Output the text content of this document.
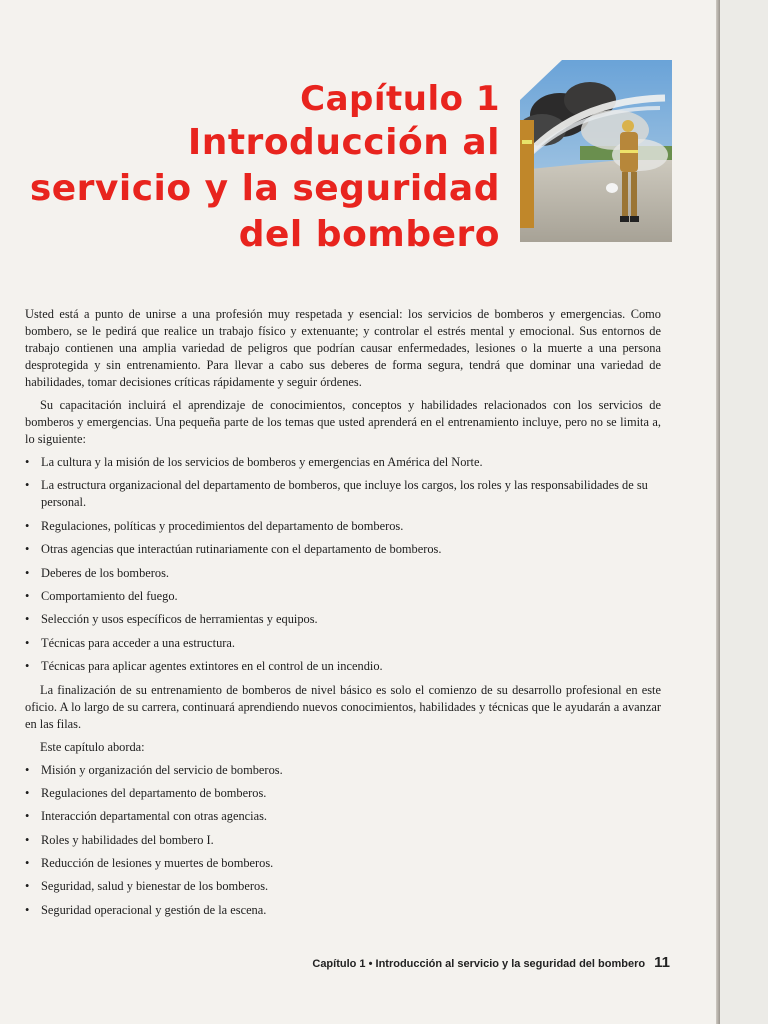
Capítulo 1
Introducción al
servicio y la seguridad
del bombero

Usted está a punto de unirse a una profesión muy respetada y esencial: los servicios de bomberos y emergencias. Como bombero, se le pedirá que realice un trabajo físico y extenuante; y controlar el estrés mental y emocional. Sus entornos de trabajo contienen una amplia variedad de peligros que podrían causar enfermedades, lesiones o la muerte a una persona desprotegida y sin entrenamiento. Para llevar a cabo sus deberes de forma segura, tendrá que dominar una variedad de habilidades, tomar decisiones críticas rápidamente y seguir órdenes.

Su capacitación incluirá el aprendizaje de conocimientos, conceptos y habilidades relacionados con los servicios de bomberos y emergencias. Una pequeña parte de los temas que usted aprenderá en el entrenamiento incluye, pero no se limita a, lo siguiente:

• La cultura y la misión de los servicios de bomberos y emergencias en América del Norte.
• La estructura organizacional del departamento de bomberos, que incluye los cargos, los roles y las responsabilidades de su personal.
• Regulaciones, políticas y procedimientos del departamento de bomberos.
• Otras agencias que interactúan rutinariamente con el departamento de bomberos.
• Deberes de los bomberos.
• Comportamiento del fuego.
• Selección y usos específicos de herramientas y equipos.
• Técnicas para acceder a una estructura.
• Técnicas para aplicar agentes extintores en el control de un incendio.

La finalización de su entrenamiento de bomberos de nivel básico es solo el comienzo de su desarrollo profesional en este oficio. A lo largo de su carrera, continuará aprendiendo nuevos conocimientos, habilidades y técnicas que le ayudarán a avanzar en las filas.

Este capítulo aborda:

• Misión y organización del servicio de bomberos.
• Regulaciones del departamento de bomberos.
• Interacción departamental con otras agencias.
• Roles y habilidades del bombero I.
• Reducción de lesiones y muertes de bomberos.
• Seguridad, salud y bienestar de los bomberos.
• Seguridad operacional y gestión de la escena.
Capítulo 1 • Introducción al servicio y la seguridad del bombero 11
